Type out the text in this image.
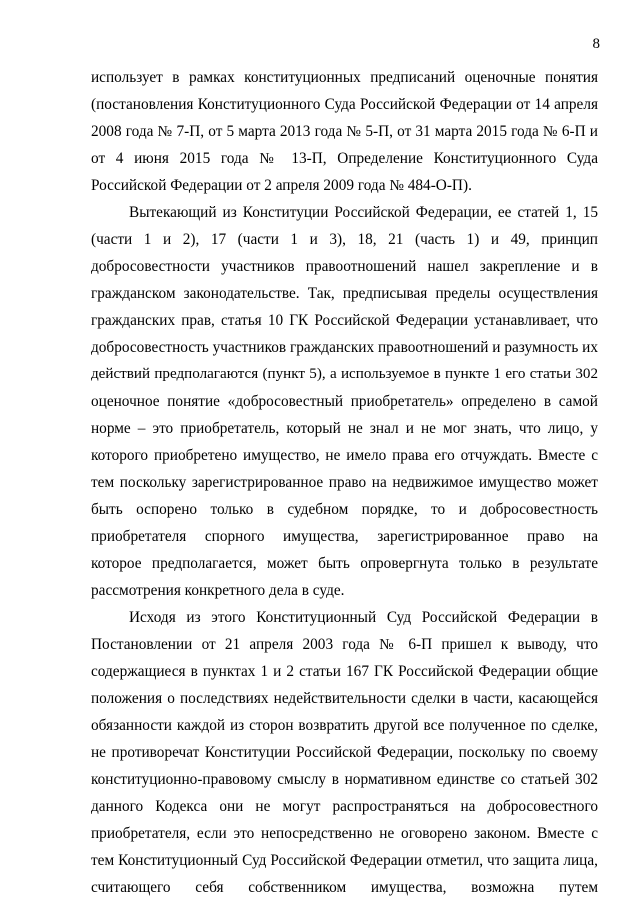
8

использует в рамках конституционных предписаний оценочные понятия
(постановления Конституционного Суда Российской Федерации от 14 апреля
2008 года № 7-П, от 5 марта 2013 года № 5-П, от 31 марта 2015 года № 6-П и
от 4 июня 2015 года № 13-П, Определение Конституционного Суда
Российской Федерации от 2 апреля 2009 года № 484-О-П).

Вытекающий из Конституции Российской Федерации, ее статей 1, 15
(части 1 и 2), 17 (части 1 и 3), 18, 21 (часть 1) и 49, принцип
добросовестности участников правоотношений нашел закрепление и в
гражданском законодательстве. Так, предписывая пределы осуществления
гражданских прав, статья 10 ГК Российской Федерации устанавливает, что
добросовестность участников гражданских правоотношений и разумность их
действий предполагаются (пункт 5), а используемое в пункте 1 его статьи 302
оценочное понятие «добросовестный приобретатель» определено в самой
норме – это приобретатель, который не знал и не мог знать, что лицо, у
которого приобретено имущество, не имело права его отчуждать. Вместе с
тем поскольку зарегистрированное право на недвижимое имущество может
быть оспорено только в судебном порядке, то и добросовестность
приобретателя спорного имущества, зарегистрированное право на
которое предполагается, может быть опровергнута только в результате
рассмотрения конкретного дела в суде.

Исходя из этого Конституционный Суд Российской Федерации в
Постановлении от 21 апреля 2003 года № 6-П пришел к выводу, что
содержащиеся в пунктах 1 и 2 статьи 167 ГК Российской Федерации общие
положения о последствиях недействительности сделки в части, касающейся
обязанности каждой из сторон возвратить другой все полученное по сделке,
не противоречат Конституции Российской Федерации, поскольку по своему
конституционно-правовому смыслу в нормативном единстве со статьей 302
данного Кодекса они не могут распространяться на добросовестного
приобретателя, если это непосредственно не оговорено законом. Вместе с
тем Конституционный Суд Российской Федерации отметил, что защита лица,
считающего себя собственником имущества, возможна путем
